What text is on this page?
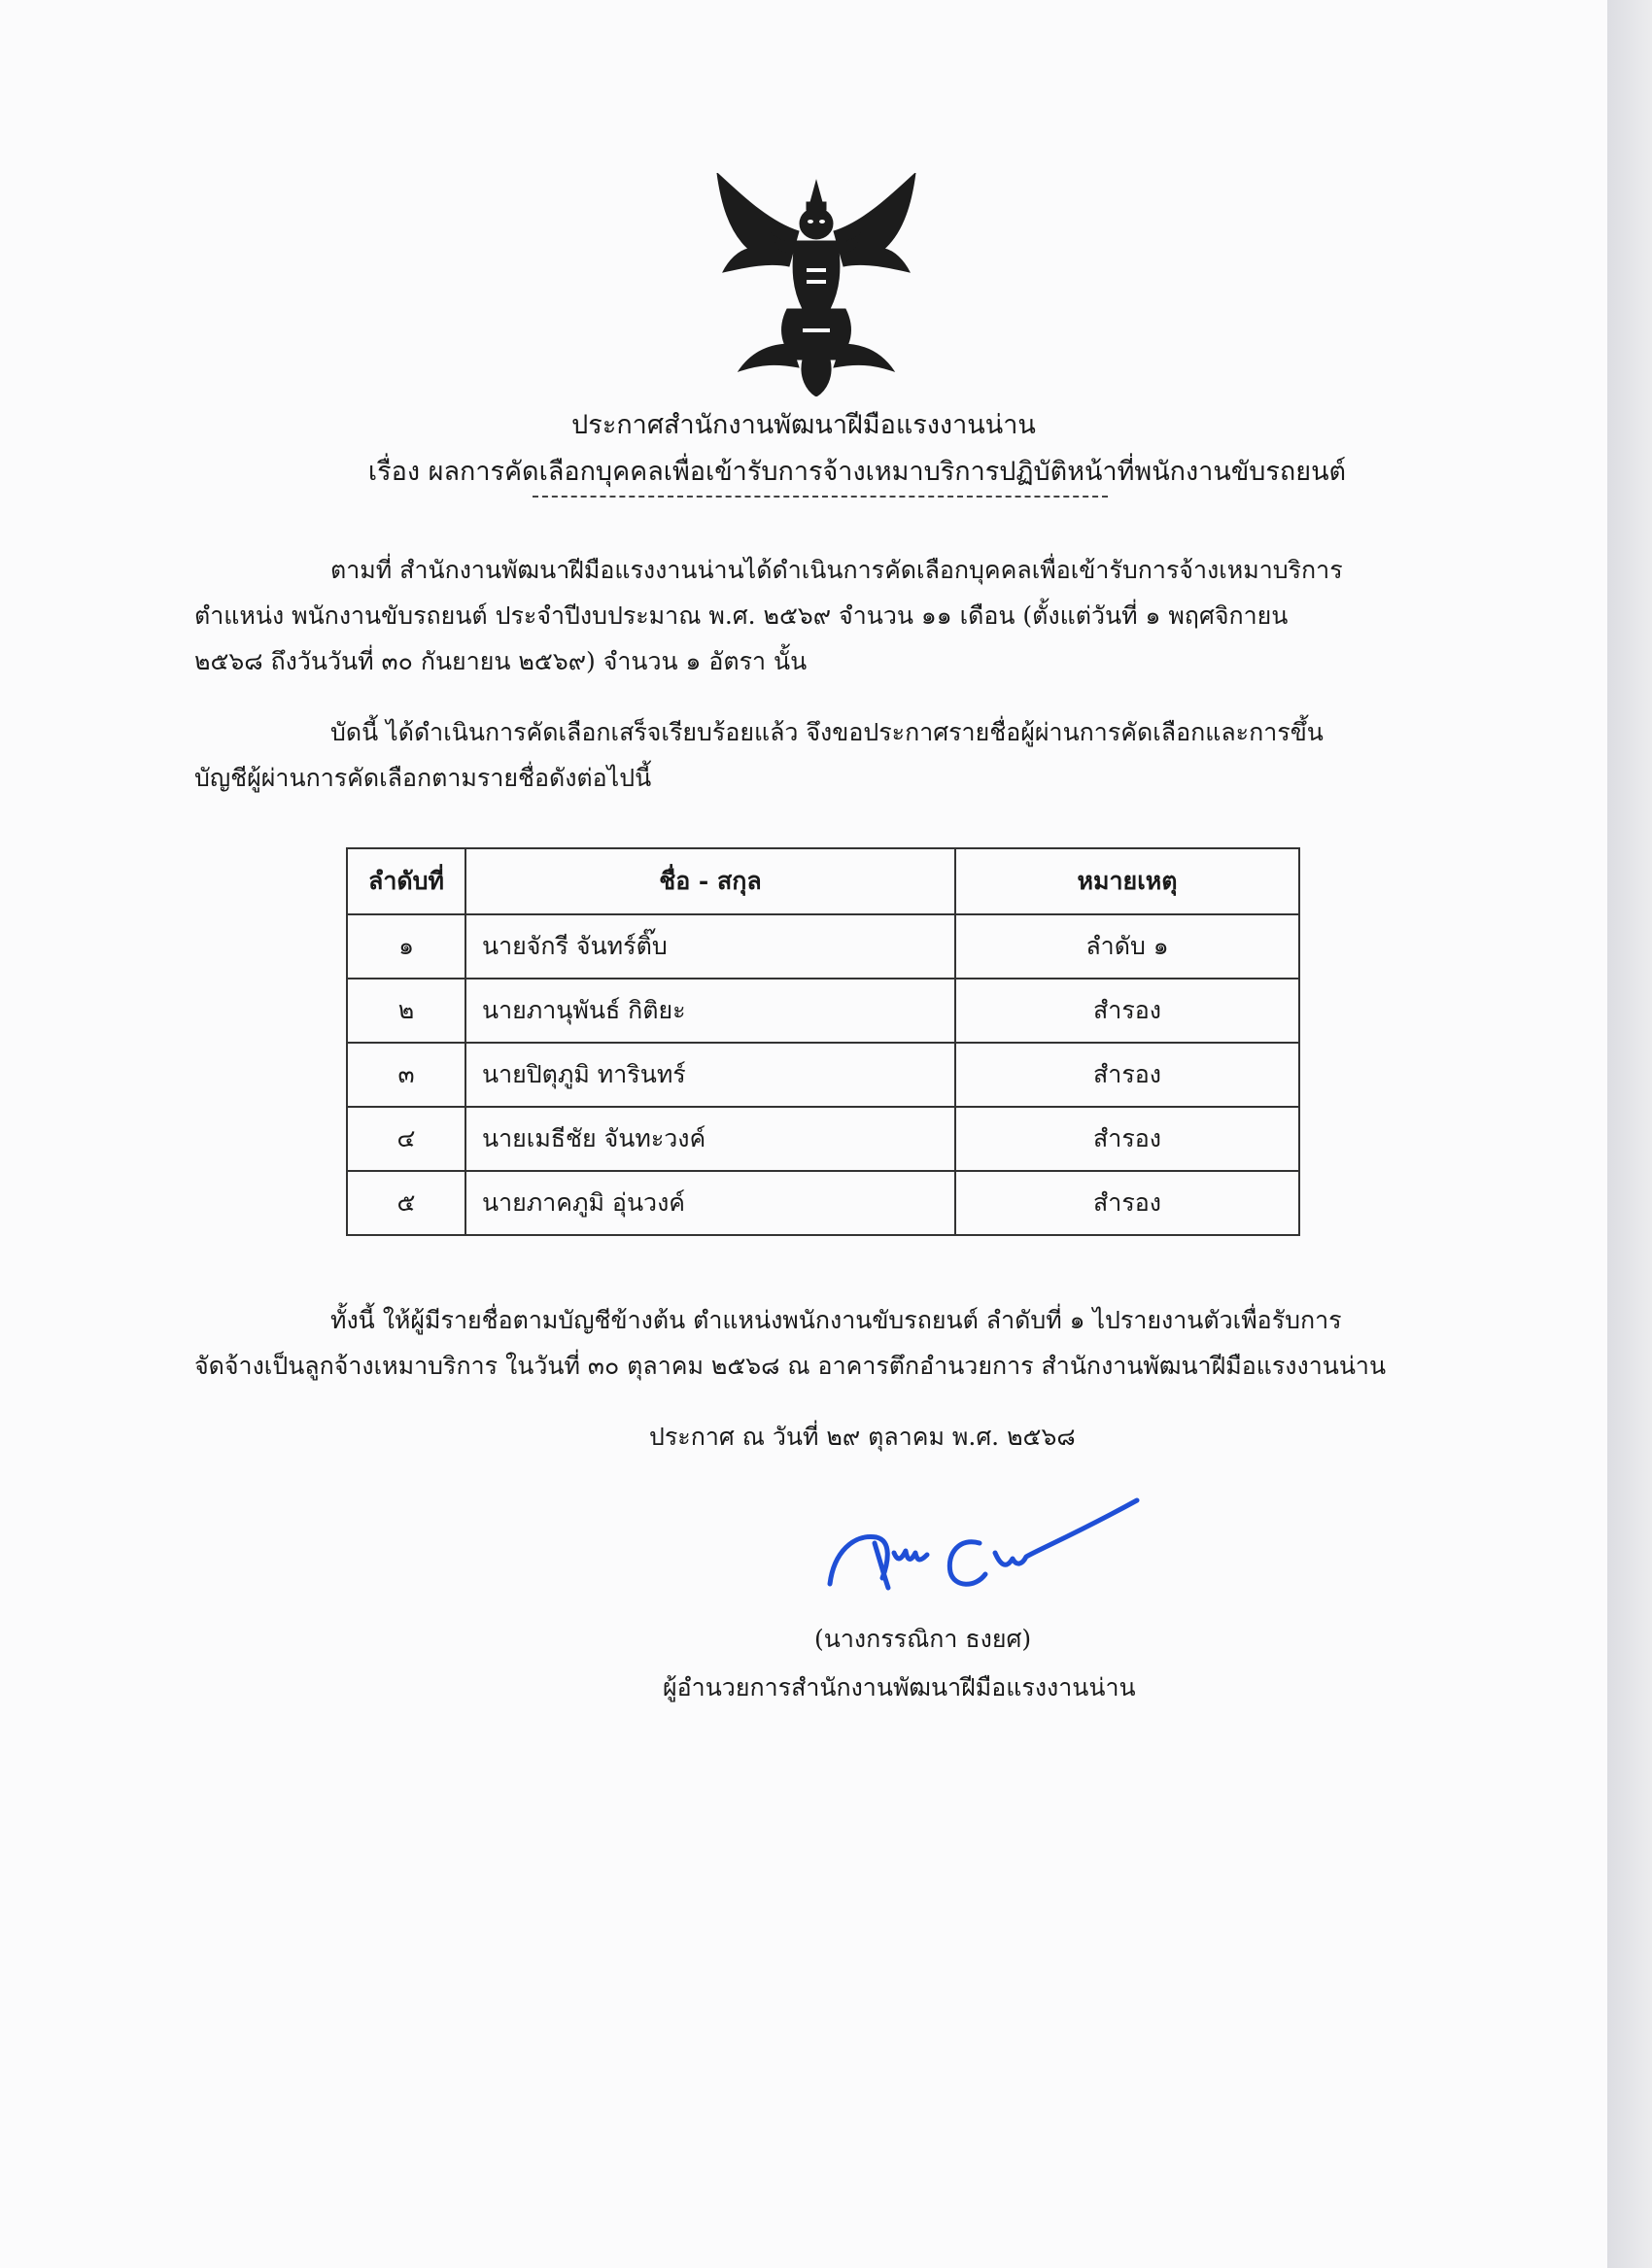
ประกาศสำนักงานพัฒนาฝีมือแรงงานน่าน
เรื่อง ผลการคัดเลือกบุคคลเพื่อเข้ารับการจ้างเหมาบริการปฏิบัติหน้าที่พนักงานขับรถยนต์
ตามที่ สำนักงานพัฒนาฝีมือแรงงานน่านได้ดำเนินการคัดเลือกบุคคลเพื่อเข้ารับการจ้างเหมาบริการ
ตำแหน่ง พนักงานขับรถยนต์ ประจำปีงบประมาณ พ.ศ. ๒๕๖๙ จำนวน ๑๑ เดือน (ตั้งแต่วันที่ ๑ พฤศจิกายน
๒๕๖๘ ถึงวันวันที่ ๓๐ กันยายน ๒๕๖๙) จำนวน ๑ อัตรา นั้น
บัดนี้ ได้ดำเนินการคัดเลือกเสร็จเรียบร้อยแล้ว จึงขอประกาศรายชื่อผู้ผ่านการคัดเลือกและการขึ้น
บัญชีผู้ผ่านการคัดเลือกตามรายชื่อดังต่อไปนี้
ลำดับที่	ชื่อ - สกุล	หมายเหตุ
๑	นายจักรี จันทร์ติ๊บ	ลำดับ ๑
๒	นายภานุพันธ์ กิติยะ	สำรอง
๓	นายปิตุภูมิ ทารินทร์	สำรอง
๔	นายเมธีชัย จันทะวงค์	สำรอง
๕	นายภาคภูมิ อุ่นวงค์	สำรอง
ทั้งนี้ ให้ผู้มีรายชื่อตามบัญชีข้างต้น ตำแหน่งพนักงานขับรถยนต์ ลำดับที่ ๑ ไปรายงานตัวเพื่อรับการ
จัดจ้างเป็นลูกจ้างเหมาบริการ ในวันที่ ๓๐ ตุลาคม ๒๕๖๘ ณ อาคารตึกอำนวยการ สำนักงานพัฒนาฝีมือแรงงานน่าน
ประกาศ ณ วันที่ ๒๙ ตุลาคม พ.ศ. ๒๕๖๘
(นางกรรณิกา ธงยศ)
ผู้อำนวยการสำนักงานพัฒนาฝีมือแรงงานน่าน
